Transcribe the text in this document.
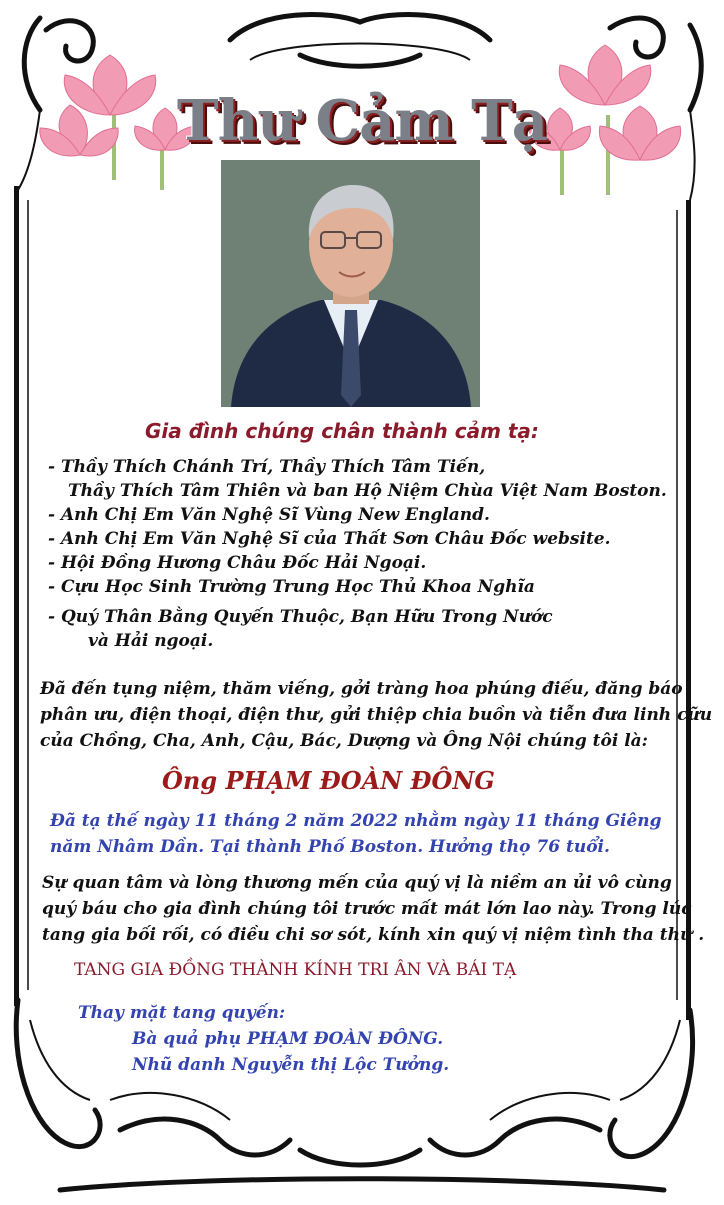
Thư Cảm Tạ
Gia đình chúng chân thành cảm tạ:
- Thầy Thích Chánh Trí, Thầy Thích Tâm Tiến,
Thầy Thích Tâm Thiên và ban Hộ Niệm Chùa Việt Nam Boston.
- Anh Chị Em Văn Nghệ Sĩ Vùng New England.
- Anh Chị Em Văn Nghệ Sĩ của Thất Sơn Châu Đốc website.
- Hội Đồng Hương Châu Đốc Hải Ngoại.
- Cựu Học Sinh Trường Trung Học Thủ Khoa Nghĩa
- Quý Thân Bằng Quyến Thuộc, Bạn Hữu Trong Nước
và Hải ngoại.
Đã đến tụng niệm, thăm viếng, gởi tràng hoa phúng điếu, đăng báo
phân ưu, điện thoại, điện thư, gửi thiệp chia buồn và tiễn đưa linh cữu
của Chồng, Cha, Anh, Cậu, Bác, Dượng và Ông Nội chúng tôi là:
Ông PHẠM ĐOÀN ĐÔNG
Đã tạ thế ngày 11 tháng 2 năm 2022 nhằm ngày 11 tháng Giêng
năm Nhâm Dần. Tại thành Phố Boston. Hưởng thọ 76 tuổi.
Sự quan tâm và lòng thương mến của quý vị là niềm an ủi vô cùng
quý báu cho gia đình chúng tôi trước mất mát lớn lao này. Trong lúc
tang gia bối rối, có điều chi sơ sót, kính xin quý vị niệm tình tha thứ .
TANG GIA ĐỒNG THÀNH KÍNH TRI ÂN VÀ BÁI TẠ
Thay mặt tang quyến:
Bà quả phụ PHẠM ĐOÀN ĐÔNG.
Nhũ danh Nguyễn thị Lộc Tưởng.
